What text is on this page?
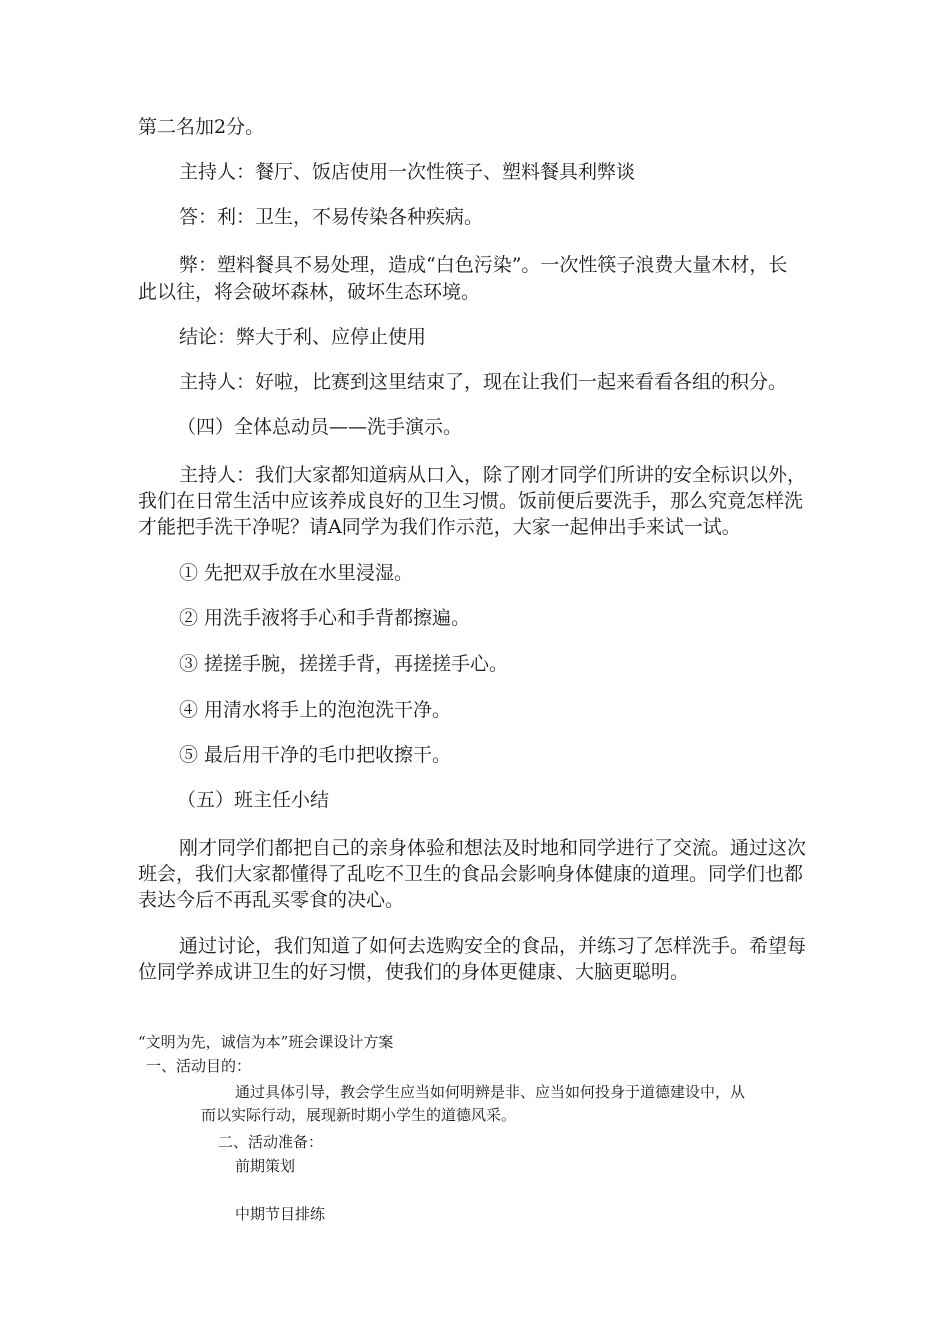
第二名加2分。
主持人：餐厅、饭店使用一次性筷子、塑料餐具利弊谈
答：利：卫生，不易传染各种疾病。
弊：塑料餐具不易处理，造成“白色污染”。一次性筷子浪费大量木材，长
此以往，将会破坏森林，破坏生态环境。
结论：弊大于利、应停止使用
主持人：好啦，比赛到这里结束了，现在让我们一起来看看各组的积分。
（四）全体总动员——洗手演示。
主持人：我们大家都知道病从口入，除了刚才同学们所讲的安全标识以外，
我们在日常生活中应该养成良好的卫生习惯。饭前便后要洗手，那么究竟怎样洗
才能把手洗干净呢？请A同学为我们作示范，大家一起伸出手来试一试。
① 先把双手放在水里浸湿。
② 用洗手液将手心和手背都擦遍。
③ 搓搓手腕，搓搓手背，再搓搓手心。
④ 用清水将手上的泡泡洗干净。
⑤ 最后用干净的毛巾把收擦干。
（五）班主任小结
刚才同学们都把自己的亲身体验和想法及时地和同学进行了交流。通过这次
班会，我们大家都懂得了乱吃不卫生的食品会影响身体健康的道理。同学们也都
表达今后不再乱买零食的决心。
通过讨论，我们知道了如何去选购安全的食品，并练习了怎样洗手。希望每
位同学养成讲卫生的好习惯，使我们的身体更健康、大脑更聪明。
“文明为先，诚信为本”班会课设计方案
一、活动目的：
通过具体引导，教会学生应当如何明辨是非、应当如何投身于道德建设中，从
而以实际行动，展现新时期小学生的道德风采。
二、活动准备：
前期策划
中期节目排练
